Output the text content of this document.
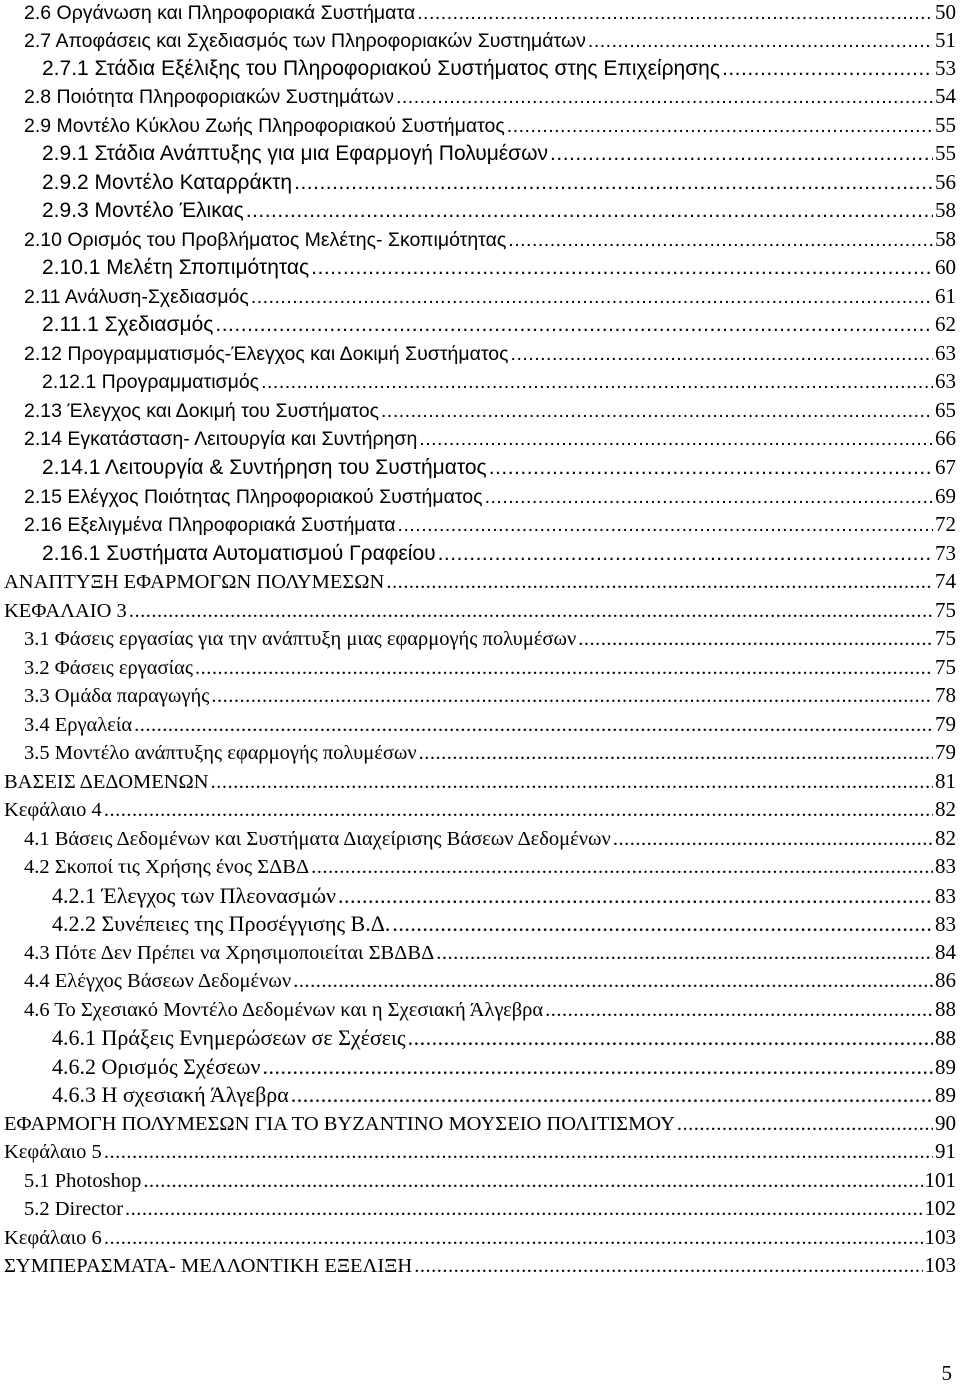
2.6 Οργάνωση και Πληροφοριακά Συστήματα .....	50
2.7 Αποφάσεις και Σχεδιασμός των Πληροφοριακών Συστημάτων .....	51
2.7.1 Στάδια Εξέλιξης του Πληροφοριακού Συστήματος στης Επιχείρησης .....	53
2.8 Ποιότητα Πληροφοριακών Συστημάτων .....	54
2.9 Μοντέλο Κύκλου Ζωής Πληροφοριακού Συστήματος .....	55
2.9.1 Στάδια Ανάπτυξης για μια Εφαρμογή Πολυμέσων .....	55
2.9.2 Μοντέλο Καταρράκτη .....	56
2.9.3 Μοντέλο Έλικας .....	58
2.10 Ορισμός του Προβλήματος Μελέτης- Σκοπιμότητας .....	58
2.10.1 Μελέτη Σποπιμότητας .....	60
2.11 Ανάλυση-Σχεδιασμός .....	61
2.11.1 Σχεδιασμός .....	62
2.12 Προγραμματισμός-Έλεγχος και Δοκιμή Συστήματος .....	63
2.12.1 Προγραμματισμός .....	63
2.13 Έλεγχος και Δοκιμή του Συστήματος .....	65
2.14 Εγκατάσταση- Λειτουργία και Συντήρηση .....	66
2.14.1 Λειτουργία & Συντήρηση του Συστήματος .....	67
2.15 Ελέγχος Ποιότητας Πληροφοριακού Συστήματος .....	69
2.16 Εξελιγμένα Πληροφοριακά Συστήματα .....	72
2.16.1 Συστήματα Αυτοματισμού Γραφείου .....	73
ΑΝΑΠΤΥΞΗ ΕΦΑΡΜΟΓΩΝ ΠΟΛΥΜΕΣΩΝ .....	74
ΚΕΦΑΛΑΙΟ 3 .....	75
3.1 Φάσεις εργασίας για την ανάπτυξη μιας εφαρμογής πολυμέσων .....	75
3.2 Φάσεις εργασίας .....	75
3.3 Ομάδα παραγωγής .....	78
3.4 Εργαλεία .....	79
3.5 Μοντέλο ανάπτυξης εφαρμογής πολυμέσων .....	79
ΒΑΣΕΙΣ ΔΕΔΟΜΕΝΩΝ .....	81
Κεφάλαιο 4 .....	82
4.1 Βάσεις Δεδομένων και Συστήματα Διαχείρισης Βάσεων Δεδομένων .....	82
4.2 Σκοποί τις Χρήσης ένος ΣΔΒΔ .....	83
4.2.1 Έλεγχος των Πλεονασμών .....	83
4.2.2 Συνέπειες της Προσέγγισης Β.Δ. .....	83
4.3 Πότε Δεν Πρέπει να Χρησιμοποιείται ΣΒΔΒΔ .....	84
4.4 Ελέγχος Βάσεων Δεδομένων .....	86
4.6 Το Σχεσιακό Μοντέλο Δεδομένων και η Σχεσιακή Άλγεβρα .....	88
4.6.1 Πράξεις Ενημερώσεων σε Σχέσεις .....	88
4.6.2 Ορισμός Σχέσεων .....	89
4.6.3 Η σχεσιακή Άλγεβρα .....	89
ΕΦΑΡΜΟΓΗ ΠΟΛΥΜΕΣΩΝ ΓΙΑ ΤΟ ΒΥΖΑΝΤΙΝΟ ΜΟΥΣΕΙΟ ΠΟΛΙΤΙΣΜΟΥ .....	90
Κεφάλαιο 5 .....	91
5.1 Photoshop .....	101
5.2 Director .....	102
Κεφάλαιο 6 .....	103
ΣΥΜΠΕΡΑΣΜΑΤΑ- ΜΕΛΛΟΝΤΙΚΗ ΕΞΕΛΙΞΗ .....	103
5
